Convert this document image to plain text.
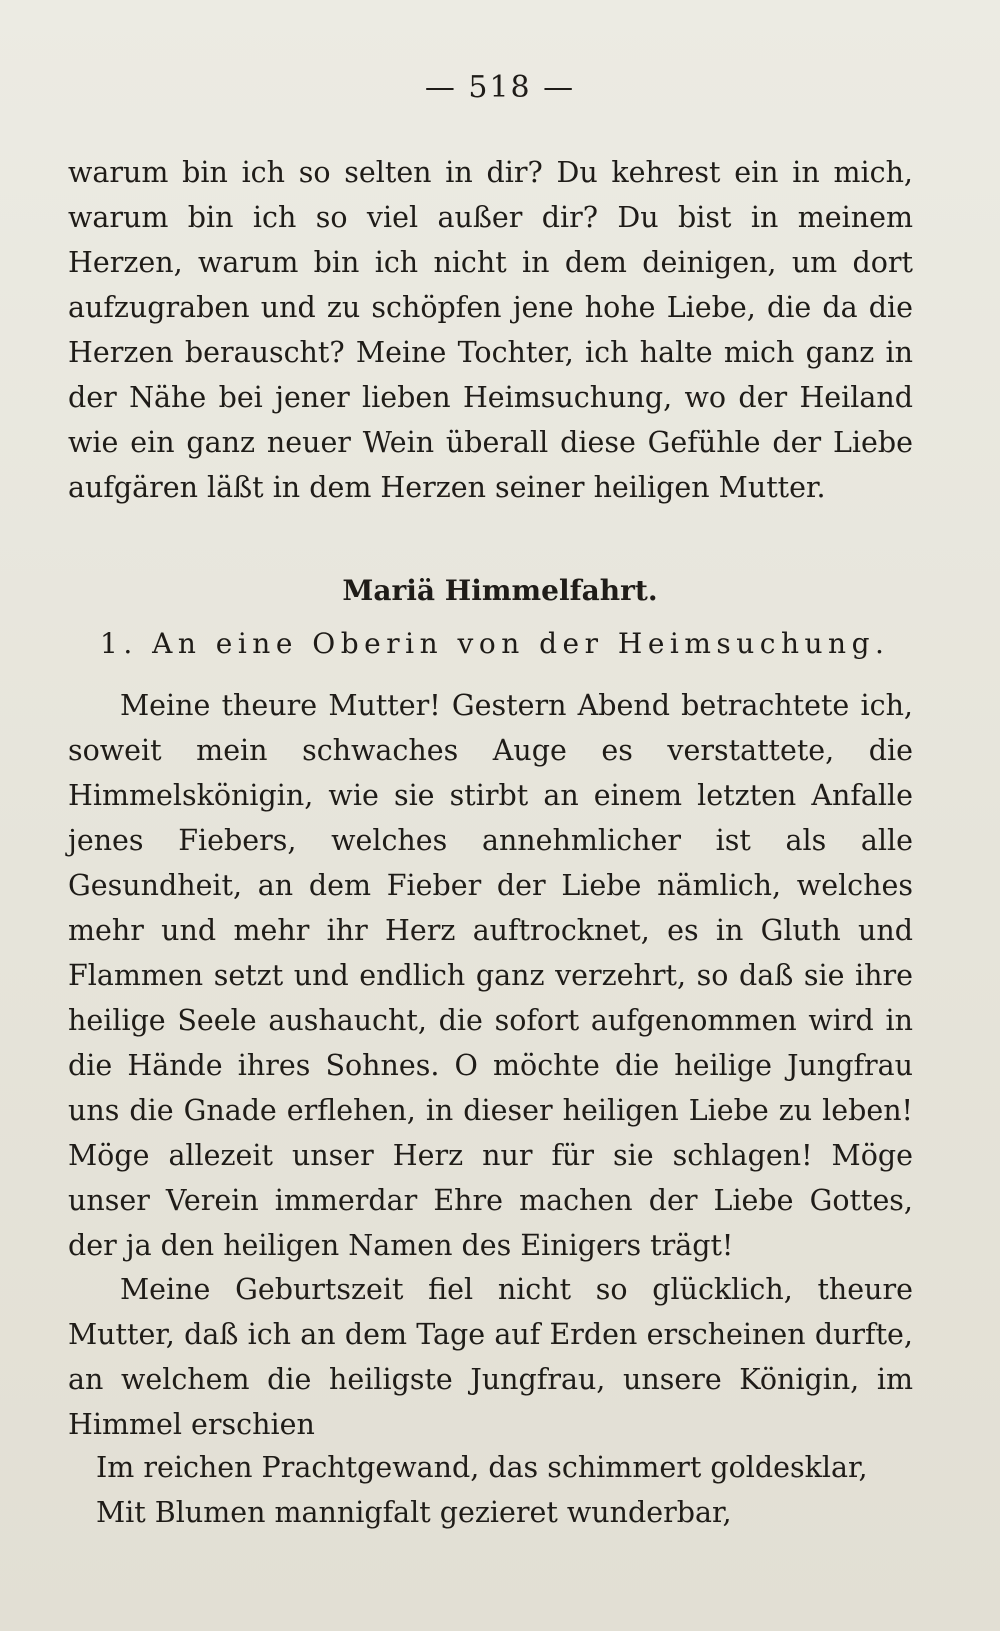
— 518 —
warum bin ich so selten in dir? Du kehrest ein in mich, warum bin ich so viel außer dir? Du bist in meinem Herzen, warum bin ich nicht in dem deinigen, um dort aufzugraben und zu schöpfen jene hohe Liebe, die da die Herzen berauscht? Meine Tochter, ich halte mich ganz in der Nähe bei jener lieben Heimsuchung, wo der Heiland wie ein ganz neuer Wein überall diese Gefühle der Liebe aufgären läßt in dem Herzen seiner heiligen Mutter.
Mariä Himmelfahrt.
1. An eine Oberin von der Heimsuchung.
Meine theure Mutter! Gestern Abend betrachtete ich, soweit mein schwaches Auge es verstattete, die Himmelskönigin, wie sie stirbt an einem letzten Anfalle jenes Fiebers, welches annehmlicher ist als alle Gesundheit, an dem Fieber der Liebe nämlich, welches mehr und mehr ihr Herz auftrocknet, es in Gluth und Flammen setzt und endlich ganz verzehrt, so daß sie ihre heilige Seele aushaucht, die sofort aufgenommen wird in die Hände ihres Sohnes. O möchte die heilige Jungfrau uns die Gnade erflehen, in dieser heiligen Liebe zu leben! Möge allezeit unser Herz nur für sie schlagen! Möge unser Verein immerdar Ehre machen der Liebe Gottes, der ja den heiligen Namen des Einigers trägt!
Meine Geburtszeit fiel nicht so glücklich, theure Mutter, daß ich an dem Tage auf Erden erscheinen durfte, an welchem die heiligste Jungfrau, unsere Königin, im Himmel erschien
Im reichen Prachtgewand, das schimmert goldesklar,
Mit Blumen mannigfalt gezieret wunderbar,
